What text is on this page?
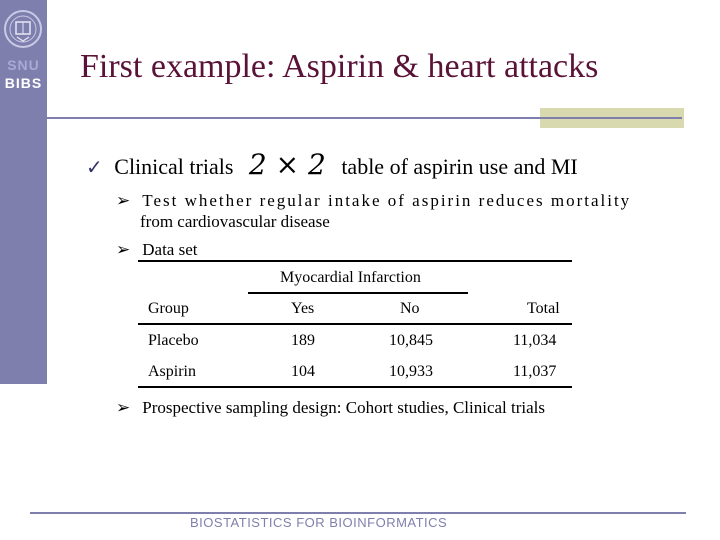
SNU
BIBS First example: Aspirin & heart attacks
✓ Clinical trials 2 × 2 table of aspirin use and MI
➢ Test whether regular intake of aspirin reduces mortality
from cardiovascular disease
➢ Data set
Myocardial Infarction
Group	Yes	No	Total
Placebo	189	10,845	11,034
Aspirin	104	10,933	11,037
➢ Prospective sampling design: Cohort studies, Clinical trials
BIOSTATISTICS FOR BIOINFORMATICS
